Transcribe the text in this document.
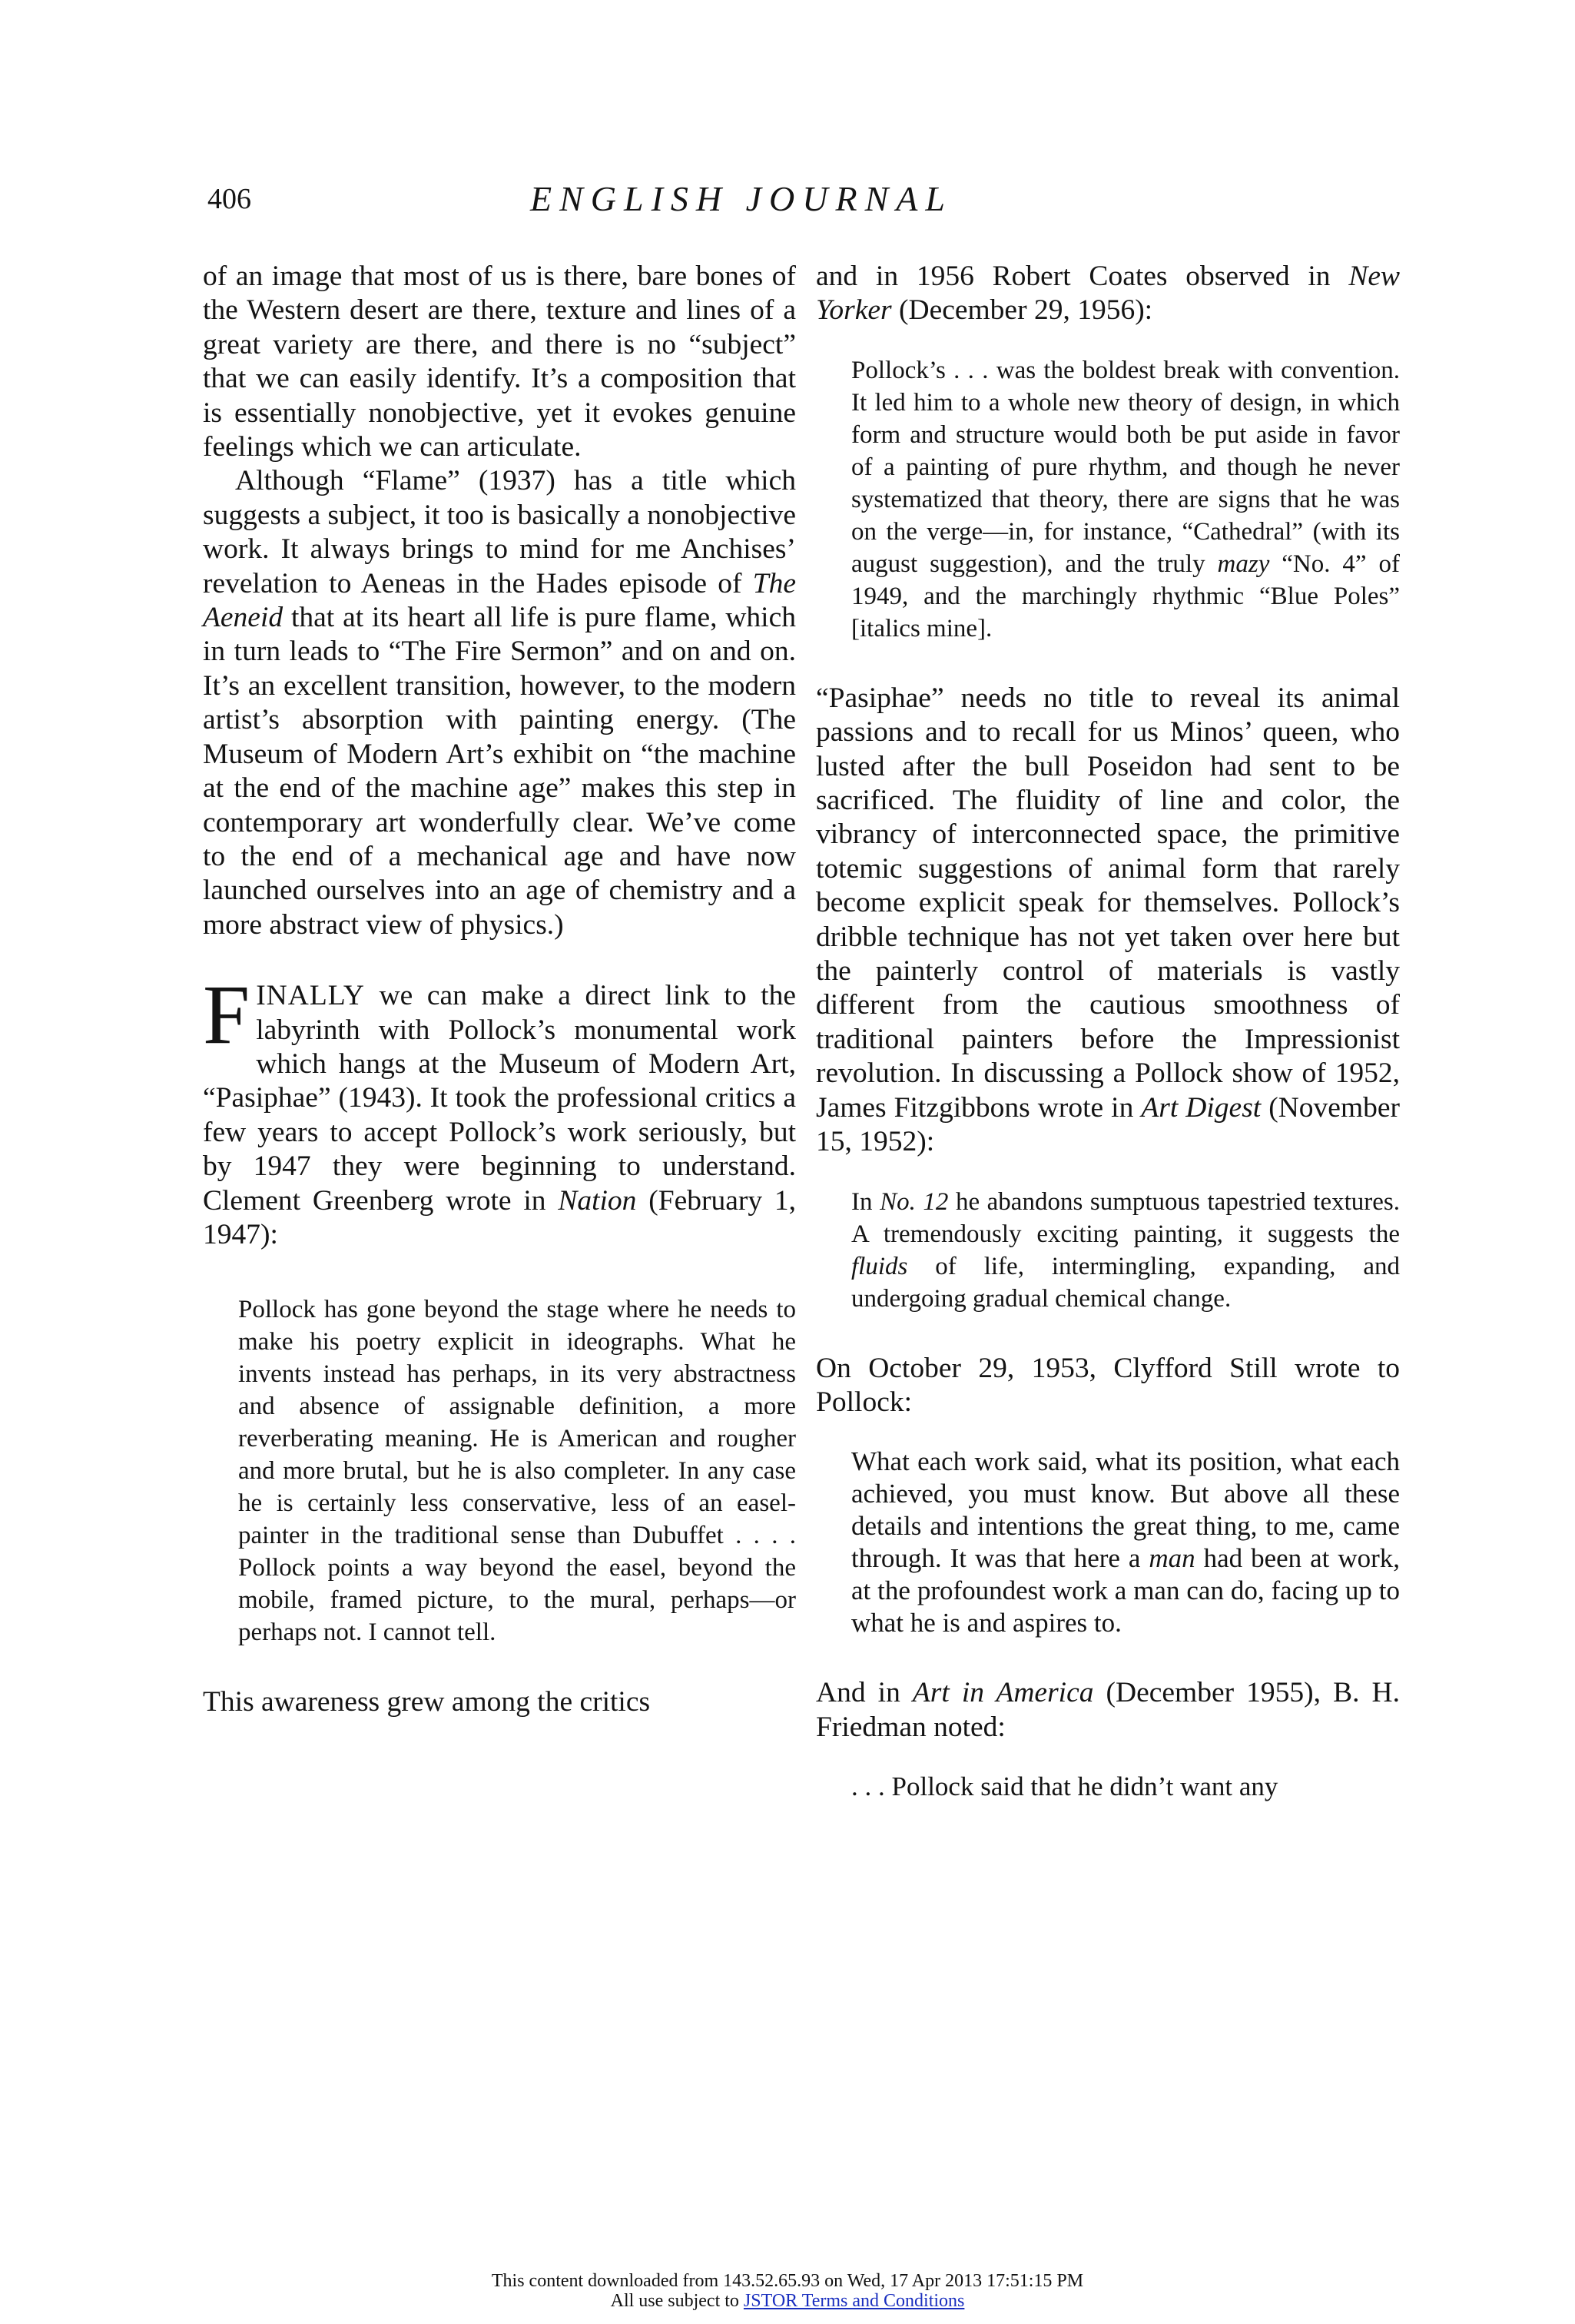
406	ENGLISH JOURNAL

of an image that most of us is there, bare bones of the Western desert are there, texture and lines of a great variety are there, and there is no “subject” that we can easily identify. It’s a composition that is essentially nonobjective, yet it evokes genuine feelings which we can articulate.

Although “Flame” (1937) has a title which suggests a subject, it too is basically a nonobjective work. It always brings to mind for me Anchises’ revelation to Aeneas in the Hades episode of The Aeneid that at its heart all life is pure flame, which in turn leads to “The Fire Sermon” and on and on. It’s an excellent transition, however, to the modern artist’s absorption with painting energy. (The Museum of Modern Art’s exhibit on “the machine at the end of the machine age” makes this step in contemporary art wonderfully clear. We’ve come to the end of a mechanical age and have now launched ourselves into an age of chemistry and a more abstract view of physics.)

F INALLY we can make a direct link to the labyrinth with Pollock’s monumental work which hangs at the Museum of Modern Art, “Pasiphae” (1943). It took the professional critics a few years to accept Pollock’s work seriously, but by 1947 they were beginning to understand. Clement Greenberg wrote in Nation (February 1, 1947):

Pollock has gone beyond the stage where he needs to make his poetry explicit in ideographs. What he invents instead has perhaps, in its very abstractness and absence of assignable definition, a more reverberating meaning. He is American and rougher and more brutal, but he is also completer. In any case he is certainly less conservative, less of an easel-painter in the traditional sense than Dubuffet . . . . Pollock points a way beyond the easel, beyond the mobile, framed picture, to the mural, perhaps—or perhaps not. I cannot tell.

This awareness grew among the critics

and in 1956 Robert Coates observed in New Yorker (December 29, 1956):

Pollock’s . . . was the boldest break with convention. It led him to a whole new theory of design, in which form and structure would both be put aside in favor of a painting of pure rhythm, and though he never systematized that theory, there are signs that he was on the verge—in, for instance, “Cathedral” (with its august suggestion), and the truly mazy “No. 4” of 1949, and the marchingly rhythmic “Blue Poles” [italics mine].

“Pasiphae” needs no title to reveal its animal passions and to recall for us Minos’ queen, who lusted after the bull Poseidon had sent to be sacrificed. The fluidity of line and color, the vibrancy of interconnected space, the primitive totemic suggestions of animal form that rarely become explicit speak for themselves. Pollock’s dribble technique has not yet taken over here but the painterly control of materials is vastly different from the cautious smoothness of traditional painters before the Impressionist revolution. In discussing a Pollock show of 1952, James Fitzgibbons wrote in Art Digest (November 15, 1952):

In No. 12 he abandons sumptuous tapestried textures. A tremendously exciting painting, it suggests the fluids of life, intermingling, expanding, and undergoing gradual chemical change.

On October 29, 1953, Clyfford Still wrote to Pollock:

What each work said, what its position, what each achieved, you must know. But above all these details and intentions the great thing, to me, came through. It was that here a man had been at work, at the profoundest work a man can do, facing up to what he is and aspires to.

And in Art in America (December 1955), B. H. Friedman noted:

. . . Pollock said that he didn’t want any

This content downloaded from 143.52.65.93 on Wed, 17 Apr 2013 17:51:15 PM
All use subject to JSTOR Terms and Conditions
